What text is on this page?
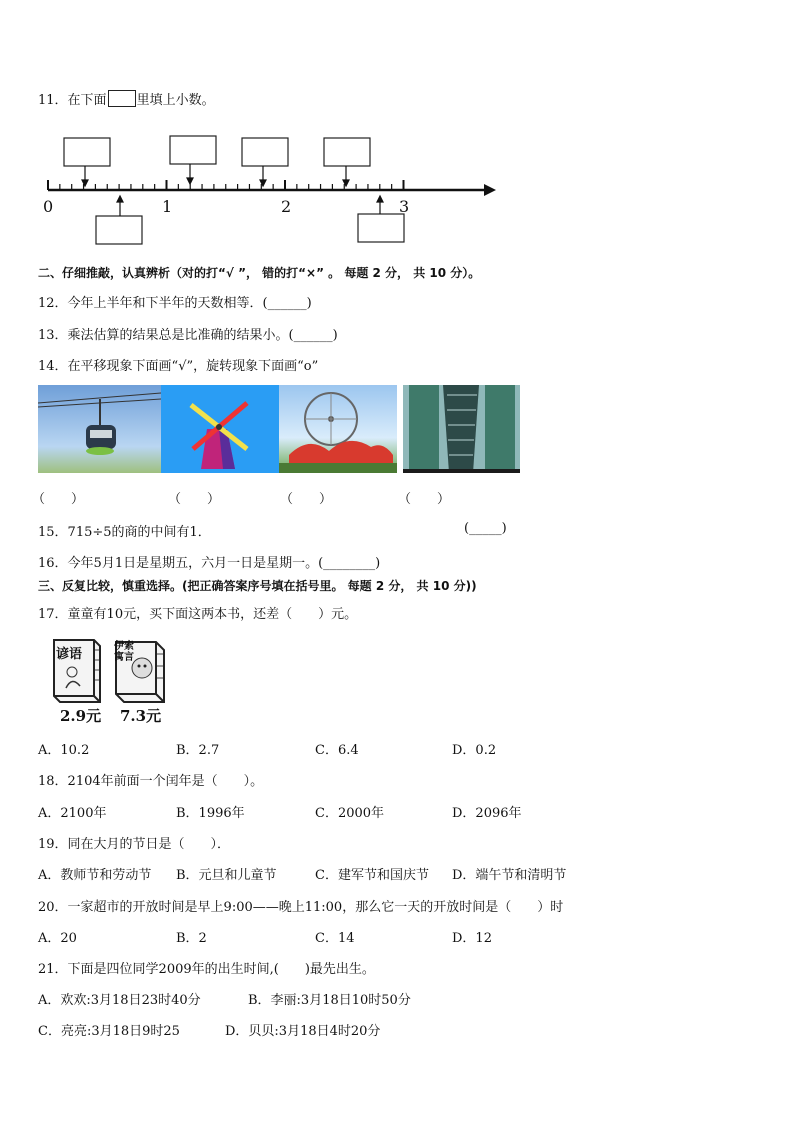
11．在下面 里填上小数。
0	1	2	3
二、仔细推敲，认真辨析（对的打“√ ”， 错的打“×” 。 每题 2 分， 共 10 分）。
12．今年上半年和下半年的天数相等．(______)
13．乘法估算的结果总是比准确的结果小。(______)
14．在平移现象下面画“√”，旋转现象下面画“o”
（　　）	（　　）	（　　）	（　　）
15．715÷5的商的中间有1．	(_____)
16．今年5月1日是星期五，六月一日是星期一。(________)
三、反复比较，慎重选择。(把正确答案序号填在括号里。 每题 2 分， 共 10 分))
17．童童有10元，买下面这两本书，还差（　　）元。
谚语
伊索寓言
2.9元 7.3元
A．10.2	B．2.7	C．6.4	D．0.2
18．2104年前面一个闰年是（　　）。
A．2100年	B．1996年	C．2000年	D．2096年
19．同在大月的节日是（　　）．
A．教师节和劳动节 B．元旦和儿童节	C．建军节和国庆节 D．端午节和清明节
20．一家超市的开放时间是早上9:00——晚上11:00，那么它一天的开放时间是（　　）时
A．20	B．2	C．14	D．12
21．下面是四位同学2009年的出生时间,(　　)最先出生。
A．欢欢:3月18日23时40分	B．李丽:3月18日10时50分
C．亮亮:3月18日9时25	D．贝贝:3月18日4时20分
